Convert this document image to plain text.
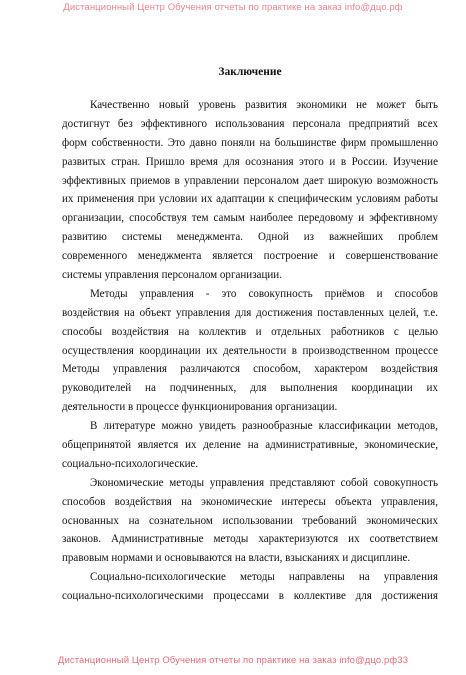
Дистанционный Центр Обучения отчеты по практике на заказ info@дцо.рф
Заключение
Качественно новый уровень развития экономики не может быть
достигнут без эффективного использования персонала предприятий всех
форм собственности. Это давно поняли на большинстве фирм промышленно
развитых стран. Пришло время для осознания этого и в России. Изучение
эффективных приемов в управлении персоналом дает широкую возможность
их применения при условии их адаптации к специфическим условиям работы
организации, способствуя тем самым наиболее передовому и эффективному
развитию системы менеджмента. Одной из важнейших проблем
современного менеджмента является построение и совершенствование
системы управления персоналом организации.
Методы управления - это совокупность приёмов и способов
воздействия на объект управления для достижения поставленных целей, т.е.
способы воздействия на коллектив и отдельных работников с целью
осуществления координации их деятельности в производственном процессе
Методы управления различаются способом, характером воздействия
руководителей на подчиненных, для выполнения координации их
деятельности в процессе функционирования организации.
В литературе можно увидеть разнообразные классификации методов,
общепринятой является их деление на административные, экономические,
социально-психологические.
Экономические методы управления представляют собой совокупность
способов воздействия на экономические интересы объекта управления,
основанных на сознательном использовании требований экономических
законов. Административные методы характеризуются их соответствием
правовым нормами и основываются на власти, взысканиях и дисциплине.
Социально-психологические методы направлены на управления
социально-психологическими процессами в коллективе для достижения
Дистанционный Центр Обучения отчеты по практике на заказ info@дцо.рф33
